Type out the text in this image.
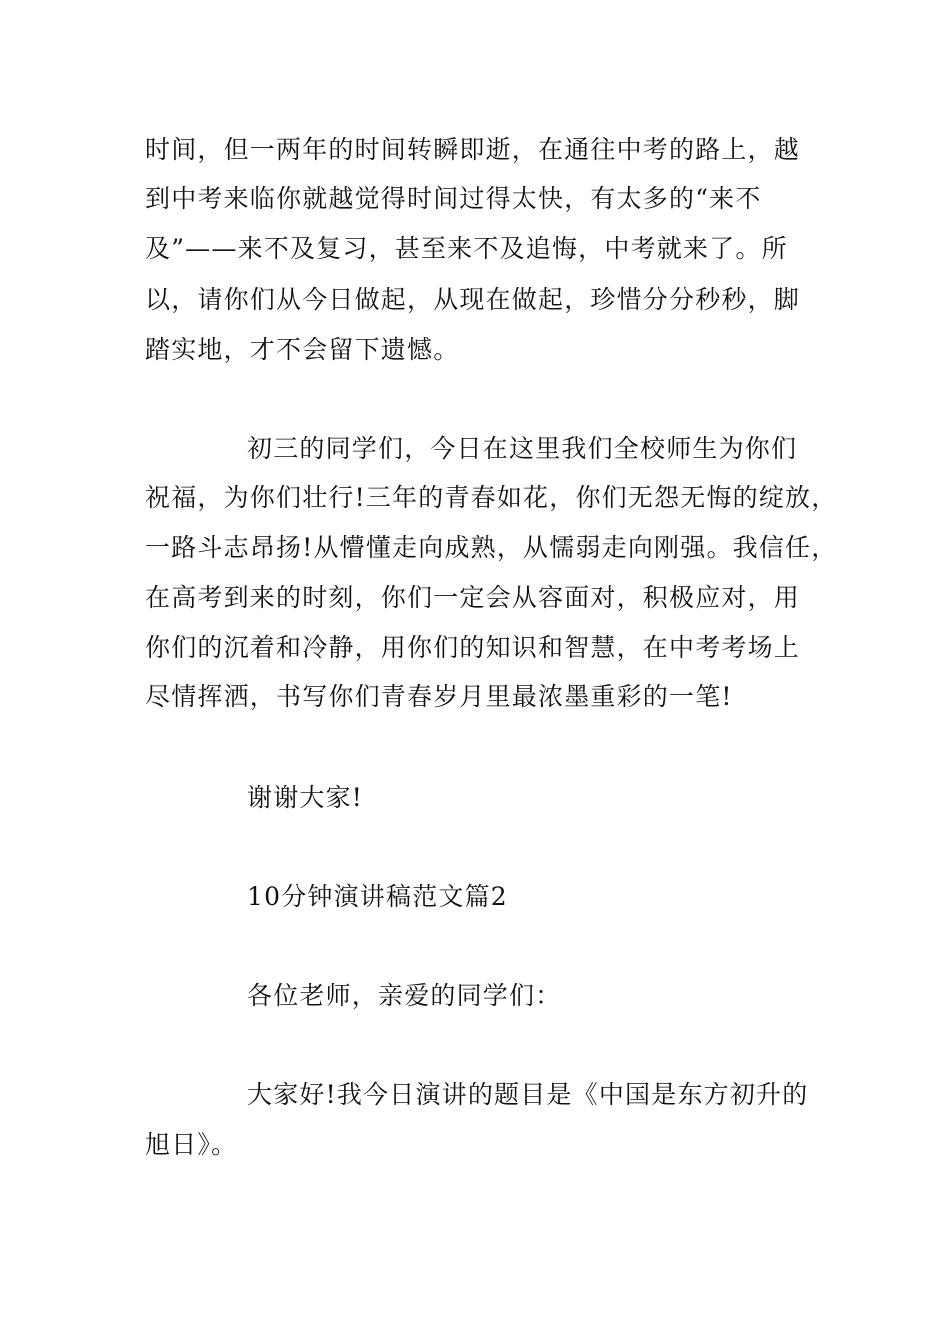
时间，但一两年的时间转瞬即逝，在通往中考的路上，越
到中考来临你就越觉得时间过得太快，有太多的“来不
及”——来不及复习，甚至来不及追悔，中考就来了。所
以，请你们从今日做起，从现在做起，珍惜分分秒秒，脚
踏实地，才不会留下遗憾。
初三的同学们，今日在这里我们全校师生为你们
祝福，为你们壮行!三年的青春如花，你们无怨无悔的绽放，
一路斗志昂扬!从懵懂走向成熟，从懦弱走向刚强。我信任，
在高考到来的时刻，你们一定会从容面对，积极应对，用
你们的沉着和冷静，用你们的知识和智慧，在中考考场上
尽情挥洒，书写你们青春岁月里最浓墨重彩的一笔!
谢谢大家!
10分钟演讲稿范文篇2
各位老师，亲爱的同学们：
大家好!我今日演讲的题目是《中国是东方初升的
旭日》。
